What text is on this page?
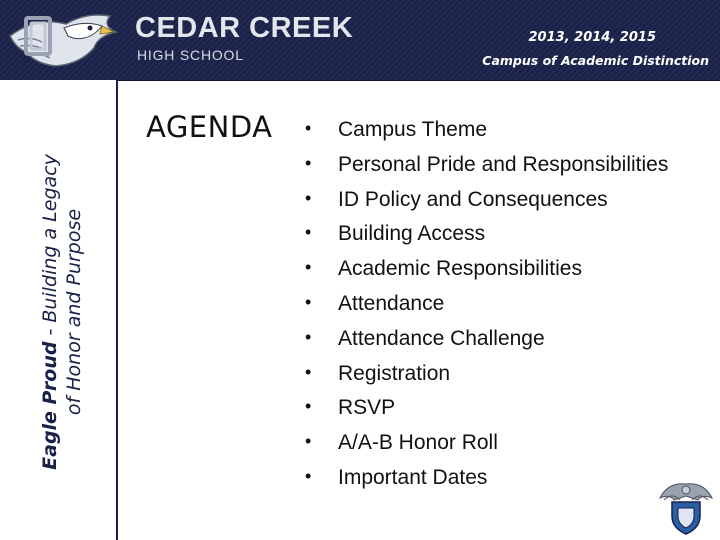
CEDAR CREEK
HIGH SCHOOL
2013, 2014, 2015
Campus of Academic Distinction
Eagle Proud - Building a Legacy of Honor and Purpose
AGENDA • Campus Theme
• Personal Pride and Responsibilities
• ID Policy and Consequences
• Building Access
• Academic Responsibilities
• Attendance
• Attendance Challenge
• Registration
• RSVP
• A/A-B Honor Roll
• Important Dates
